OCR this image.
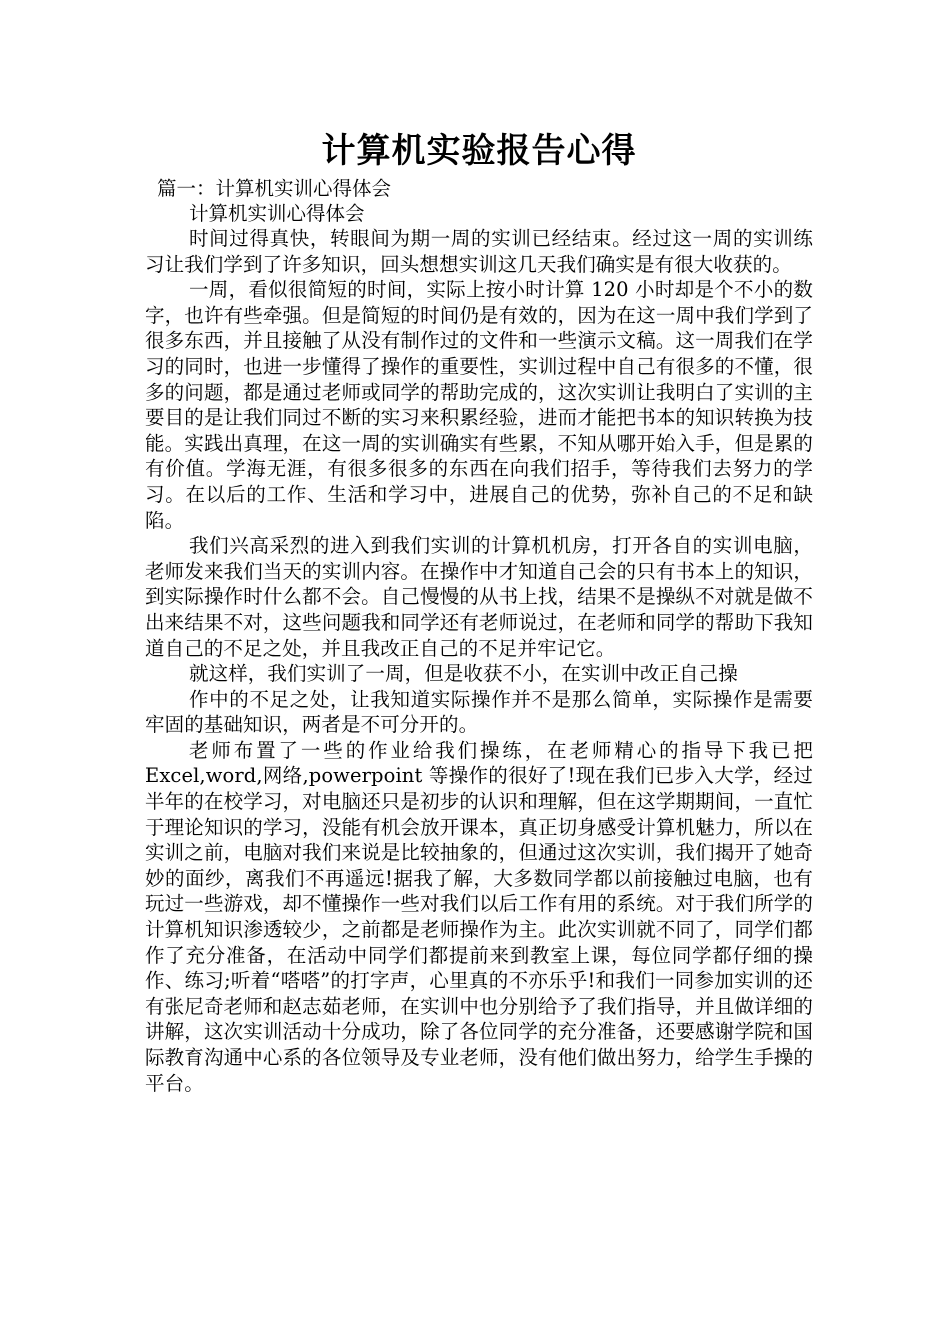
计算机实验报告心得
篇一：计算机实训心得体会
计算机实训心得体会

时间过得真快，转眼间为期一周的实训已经结束。经过这一周的实训练习让我们学到了许多知识，回头想想实训这几天我们确实是有很大收获的。

一周，看似很简短的时间，实际上按小时计算 120 小时却是个不小的数字，也许有些牵强。但是简短的时间仍是有效的，因为在这一周中我们学到了很多东西，并且接触了从没有制作过的文件和一些演示文稿。这一周我们在学习的同时，也进一步懂得了操作的重要性，实训过程中自己有很多的不懂，很多的问题，都是通过老师或同学的帮助完成的，这次实训让我明白了实训的主要目的是让我们同过不断的实习来积累经验，进而才能把书本的知识转换为技能。实践出真理，在这一周的实训确实有些累，不知从哪开始入手，但是累的有价值。学海无涯，有很多很多的东西在向我们招手，等待我们去努力的学习。在以后的工作、生活和学习中，进展自己的优势，弥补自己的不足和缺陷。

我们兴高采烈的进入到我们实训的计算机机房，打开各自的实训电脑，老师发来我们当天的实训内容。在操作中才知道自己会的只有书本上的知识，到实际操作时什么都不会。自己慢慢的从书上找，结果不是操纵不对就是做不出来结果不对，这些问题我和同学还有老师说过，在老师和同学的帮助下我知道自己的不足之处，并且我改正自己的不足并牢记它。

就这样，我们实训了一周，但是收获不小，在实训中改正自己操

作中的不足之处，让我知道实际操作并不是那么简单，实际操作是需要牢固的基础知识，两者是不可分开的。

老师布置了一些的作业给我们操练，在老师精心的指导下我已把 Excel,word,网络,powerpoint 等操作的很好了!现在我们已步入大学，经过半年的在校学习，对电脑还只是初步的认识和理解，但在这学期期间，一直忙于理论知识的学习，没能有机会放开课本，真正切身感受计算机魅力，所以在实训之前，电脑对我们来说是比较抽象的，但通过这次实训，我们揭开了她奇妙的面纱，离我们不再遥远!据我了解，大多数同学都以前接触过电脑，也有玩过一些游戏，却不懂操作一些对我们以后工作有用的系统。对于我们所学的计算机知识渗透较少，之前都是老师操作为主。此次实训就不同了，同学们都作了充分准备，在活动中同学们都提前来到教室上课，每位同学都仔细的操作、练习;听着“嗒嗒”的打字声，心里真的不亦乐乎!和我们一同参加实训的还有张尼奇老师和赵志茹老师，在实训中也分别给予了我们指导，并且做详细的讲解，这次实训活动十分成功，除了各位同学的充分准备，还要感谢学院和国际教育沟通中心系的各位领导及专业老师，没有他们做出努力，给学生手操的平台。
